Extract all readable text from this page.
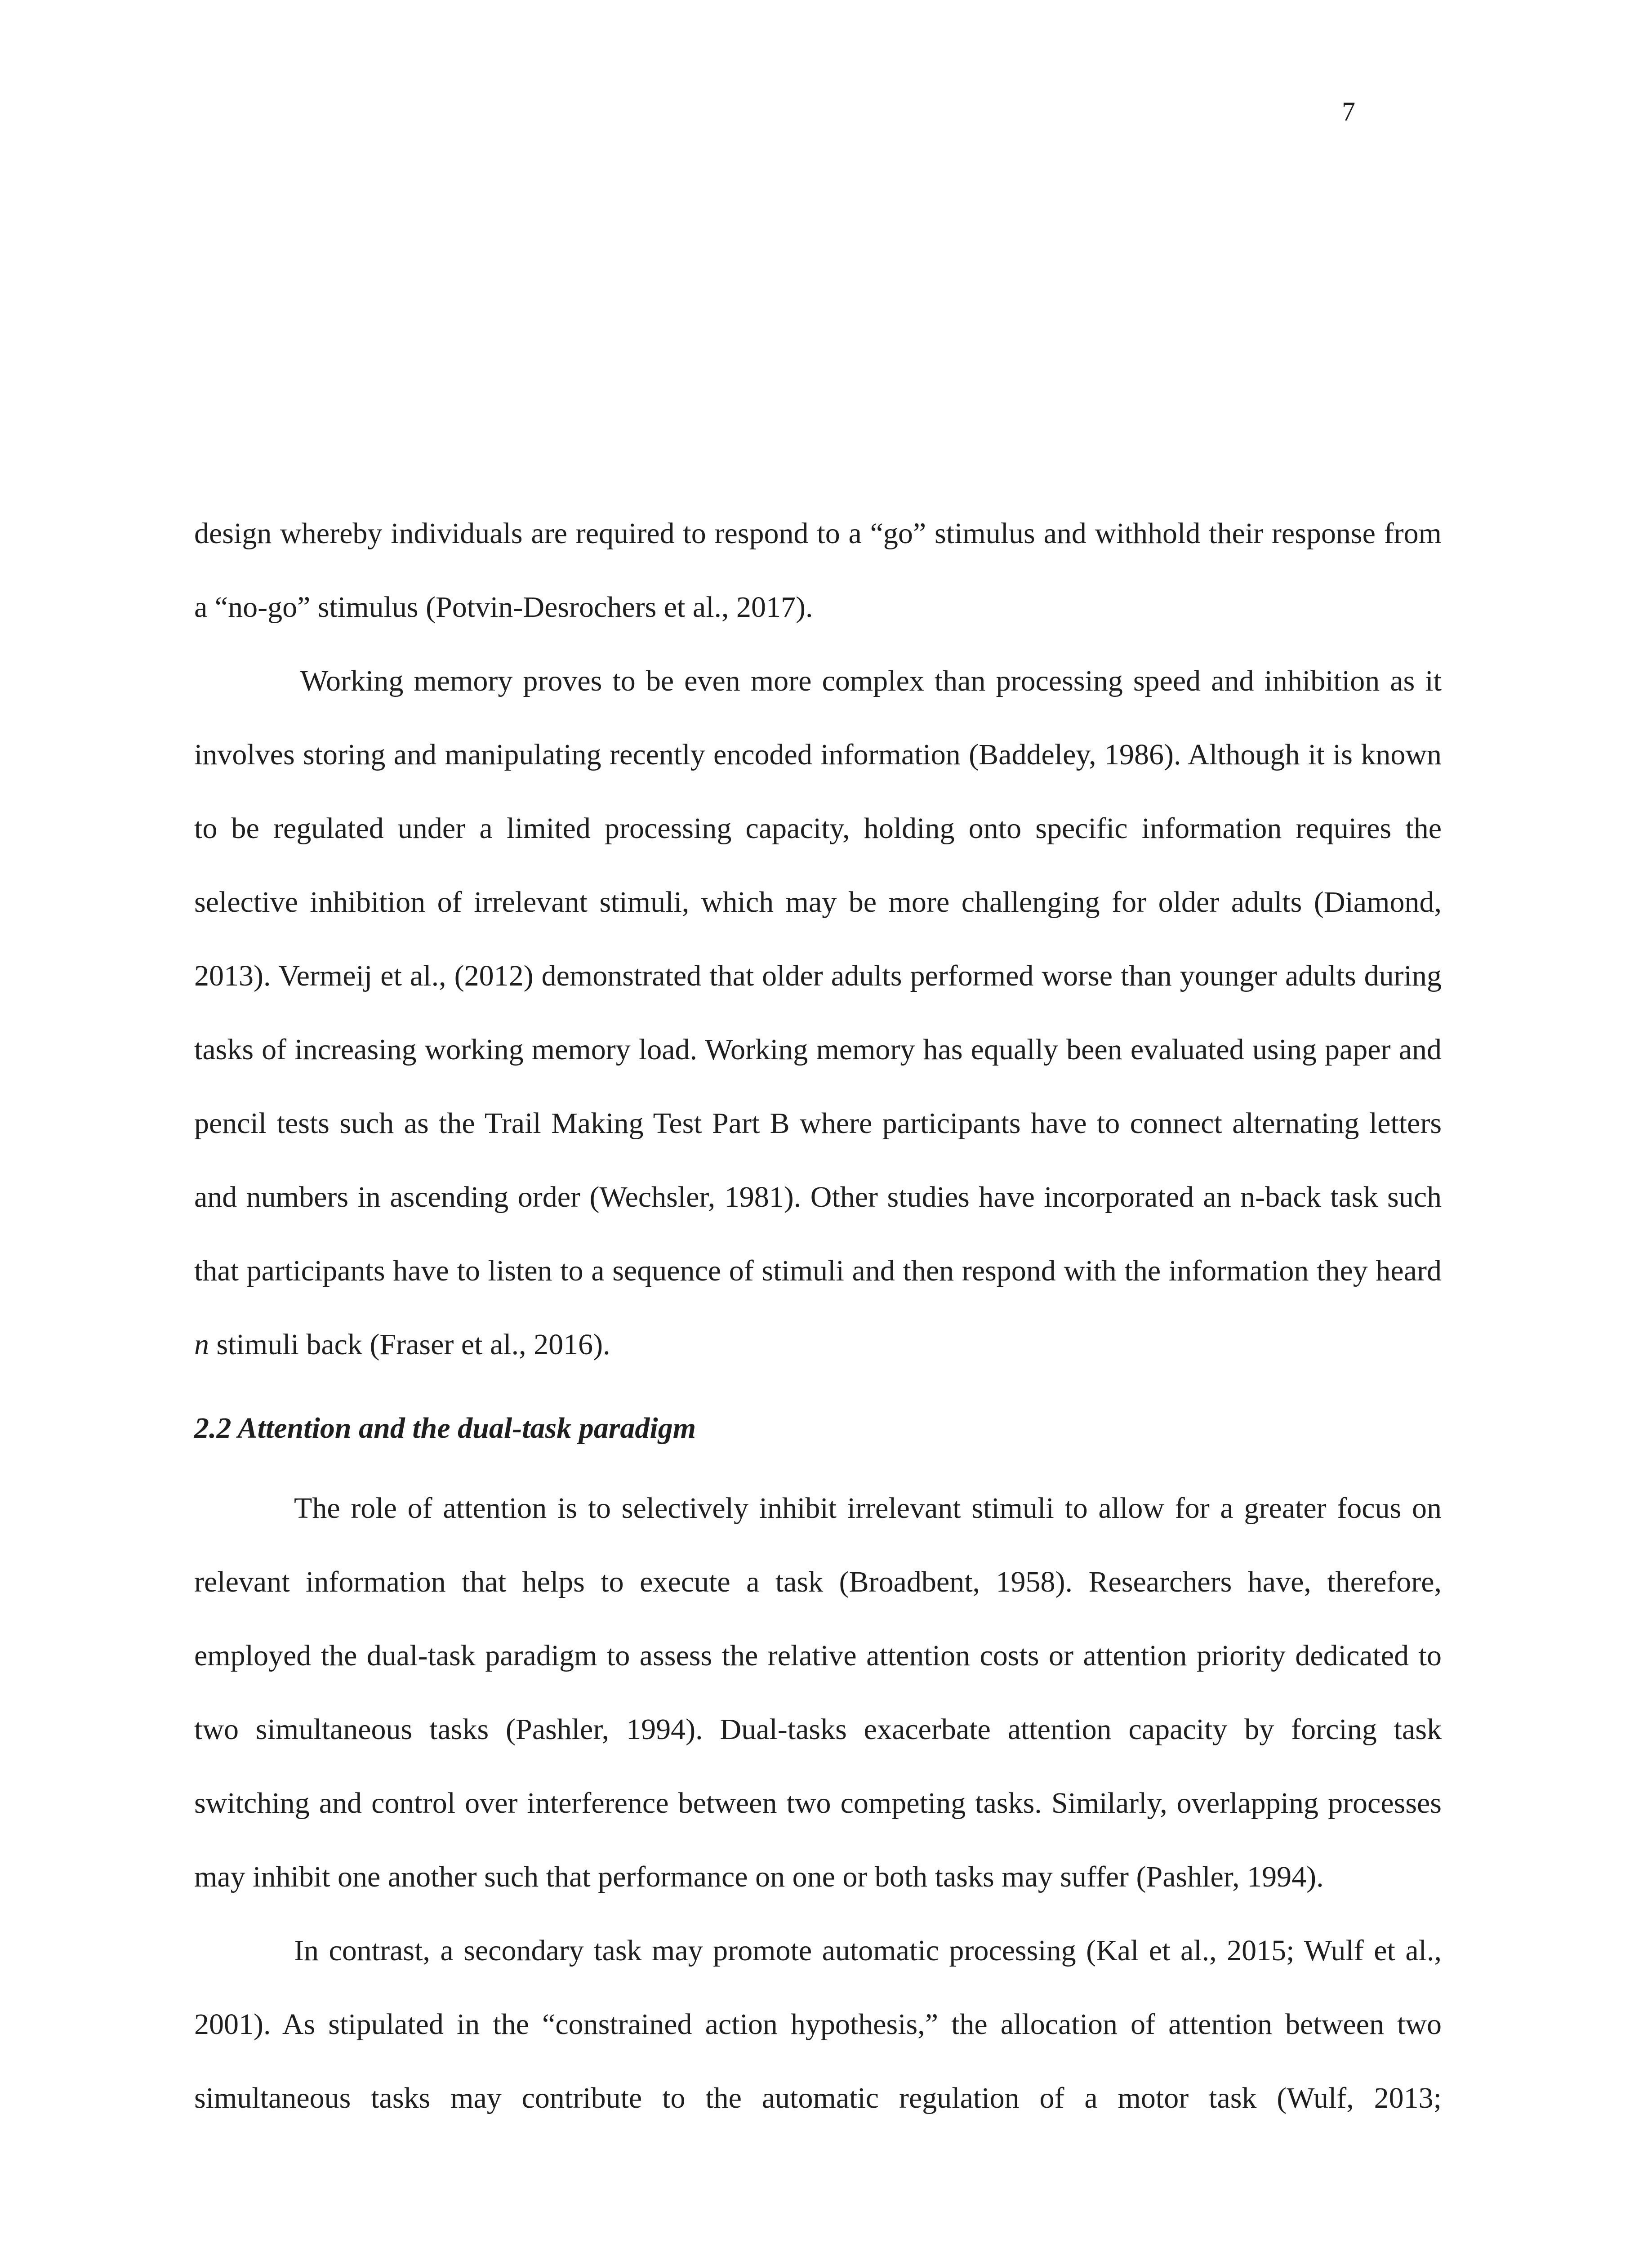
7

design whereby individuals are required to respond to a “go” stimulus and withhold their response from a “no-go” stimulus (Potvin-Desrochers et al., 2017).

Working memory proves to be even more complex than processing speed and inhibition as it involves storing and manipulating recently encoded information (Baddeley, 1986). Although it is known to be regulated under a limited processing capacity, holding onto specific information requires the selective inhibition of irrelevant stimuli, which may be more challenging for older adults (Diamond, 2013). Vermeij et al., (2012) demonstrated that older adults performed worse than younger adults during tasks of increasing working memory load. Working memory has equally been evaluated using paper and pencil tests such as the Trail Making Test Part B where participants have to connect alternating letters and numbers in ascending order (Wechsler, 1981). Other studies have incorporated an n-back task such that participants have to listen to a sequence of stimuli and then respond with the information they heard n stimuli back (Fraser et al., 2016).

2.2 Attention and the dual-task paradigm

The role of attention is to selectively inhibit irrelevant stimuli to allow for a greater focus on relevant information that helps to execute a task (Broadbent, 1958). Researchers have, therefore, employed the dual-task paradigm to assess the relative attention costs or attention priority dedicated to two simultaneous tasks (Pashler, 1994). Dual-tasks exacerbate attention capacity by forcing task switching and control over interference between two competing tasks. Similarly, overlapping processes may inhibit one another such that performance on one or both tasks may suffer (Pashler, 1994).

In contrast, a secondary task may promote automatic processing (Kal et al., 2015; Wulf et al., 2001). As stipulated in the “constrained action hypothesis,” the allocation of attention between two simultaneous tasks may contribute to the automatic regulation of a motor task (Wulf, 2013;
